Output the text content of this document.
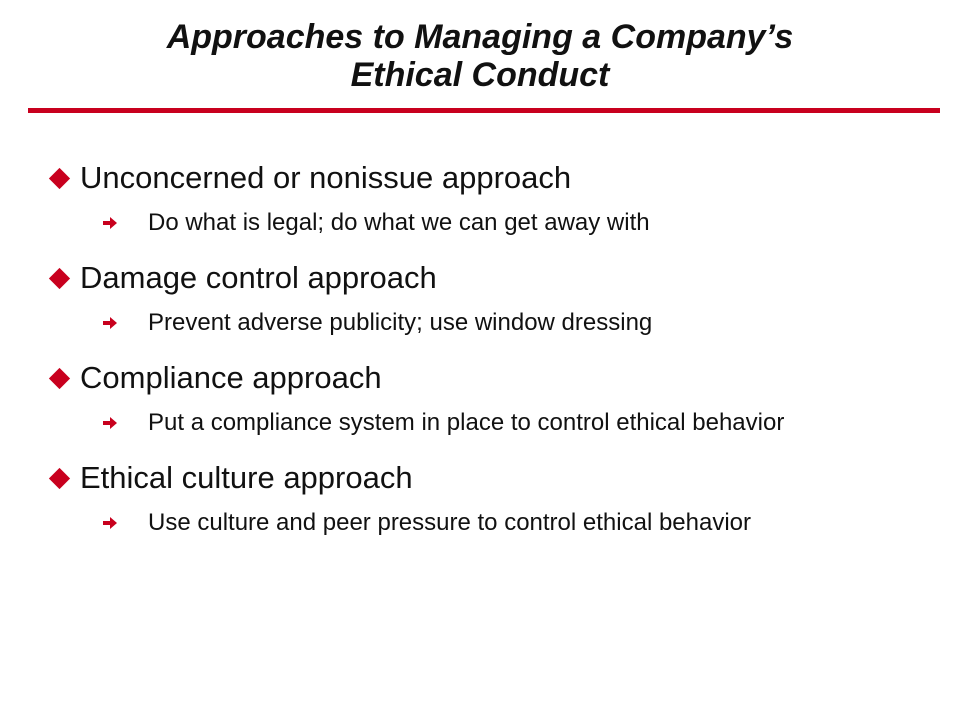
Approaches to Managing a Company’s
Ethical Conduct
Unconcerned or nonissue approach
Do what is legal; do what we can get away with
Damage control approach
Prevent adverse publicity; use window dressing
Compliance approach
Put a compliance system in place to control ethical behavior
Ethical culture approach
Use culture and peer pressure to control ethical behavior
